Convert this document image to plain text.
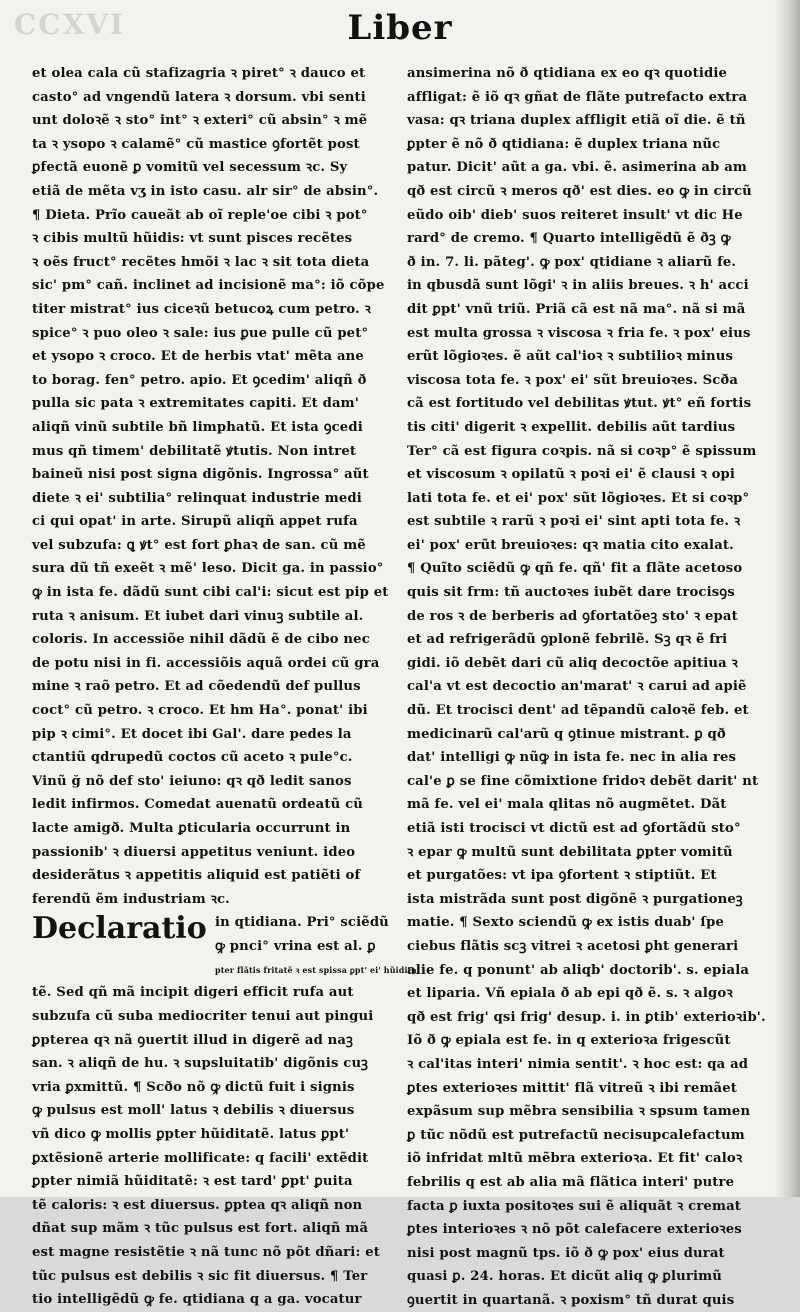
CCXVI	Liber
et olea cala cũ stafizagria ꝛ piret° ꝛ dauco et
casto° ad vngendũ latera ꝛ dorsum. vbi senti
unt doloꝛẽ ꝛ sto° int° ꝛ exteri° cũ absin° ꝛ mẽ
ta ꝛ ysopo ꝛ calamẽ° cũ mastice ꝯfortẽt post
ꝑfectã euonẽ ꝑ vomitũ vel secessum ꝛc. Sy
etiã de mẽta vʒ in isto casu. alr sir° de absin°.
¶ Dieta. Prĩo caueãt ab oĩ reple'oe cibi ꝛ pot°
ꝛ cibis multũ hũidis: vt sunt pisces recẽtes
ꝛ oẽs fruct° recẽtes hmõi ꝛ lac ꝛ sit tota dieta
sic' pm° cañ. inclinet ad incisionẽ ma°: iõ cõpe
titer mistrat° ius ciceꝛũ betucoꝝ cum petro. ꝛ
spice° ꝛ puo oleo ꝛ sale: ius ꝑue pulle cũ pet°
et ysopo ꝛ croco. Et de herbis vtat' mẽta ane
to borag. fen° petro. apio. Et ꝯcedim' aliqñ ð
pulla sic pata ꝛ extremitates capiti. Et dam'
aliqñ vinũ subtile bñ limphatũ. Et ista ꝯcedi
mus qñ timem' debilitatẽ ꝟtutis. Non intret
baineũ nisi post signa digõnis. Ingrossa° aũt
diete ꝛ ei' subtilia° relinquat industrie medi
ci qui opat' in arte. Sirupũ aliqñ appet rufa
vel subzufa: ꝗ ꝟt° est fort ꝑhaꝛ de san. cũ mẽ
sura dũ tñ exeẽt ꝛ mẽ' leso. Dicit ga. in passio°
ꝙ in ista fe. dãdũ sunt cibi cal'i: sicut est pip et
ruta ꝛ anisum. Et iubet dari vinuꝫ subtile al.
coloris. In accessiõe nihil dãdũ ẽ de cibo nec
de potu nisi in fi. accessiõis aquã ordei cũ gra
mine ꝛ raõ petro. Et ad cõedendũ def pullus
coct° cũ petro. ꝛ croco. Et hm Ha°. ponat' ibi
pip ꝛ cimi°. Et docet ibi Gal'. dare pedes la
ctantiũ qdrupedũ coctos cũ aceto ꝛ pule°c.
Vinũ ğ nõ def sto' ieiuno: qꝛ qð ledit sanos
ledit infirmos. Comedat auenatũ ordeatũ cũ
lacte amigð. Multa ꝑticularia occurrunt in
passionib' ꝛ diuersi appetitus veniunt. ideo
desiderãtus ꝛ appetitis aliquid est patiẽti of
ferendũ ẽm industriam ꝛc.
Declaratio in qtidiana. Pri° sciẽdũ
ꝙ pnci° vrina est al. ꝑ
pter flãtis fritatẽ ꝛ est spissa ꝑpt' ei' hũidita
tẽ. Sed qñ mã incipit digeri efficit rufa aut
subzufa cũ suba mediocriter tenui aut pingui
ꝑpterea qꝛ nã ꝯuertit illud in digerẽ ad naꝫ
san. ꝛ aliqñ de hu. ꝛ supsluitatib' digõnis cuꝫ
vria ꝑxmittũ. ¶ Scðo nõ ꝙ dictũ fuit i signis
ꝙ pulsus est moll' latus ꝛ debilis ꝛ diuersus
vñ dico ꝙ mollis ꝑpter hũiditatẽ. latus ꝑpt'
ꝑxtẽsionẽ arterie mollificate: q facili' extẽdit
ꝑpter nimiã hũiditatẽ: ꝛ est tard' ꝑpt' ꝑuita
tẽ caloris: ꝛ est diuersus. ꝑptea qꝛ aliqñ non
dñat sup mãm ꝛ tũc pulsus est fort. aliqñ mã
est magne resistẽtie ꝛ nã tunc nõ põt dñari: et
tũc pulsus est debilis ꝛ sic fit diuersus. ¶ Ter
tio intelligẽdũ ꝙ fe. qtidiana q a ga. vocatur
ansimerina nõ ð qtidiana ex eo qꝛ quotidie
affligat: ẽ iõ qꝛ gñat de flãte putrefacto extra
vasa: qꝛ triana duplex affligit etiã oĩ die. ẽ tñ
ꝑpter ẽ nõ ð qtidiana: ẽ duplex triana nũc
patur. Dicit' aũt a ga. vbi. ẽ. asimerina ab am
qð est circũ ꝛ meros qð' est dies. eo ꝙ in circũ
eũdo oib' dieb' suos reiteret insult' vt dic He
rard° de cremo. ¶ Quarto intelligẽdũ ẽ ðꝫ ꝙ
ð in. 7. li. pãteg'. ꝙ pox' qtidiane ꝛ aliarũ fe.
in qbusdã sunt lõgi' ꝛ in aliis breues. ꝛ h' acci
dit ꝑpt' vnũ triũ. Priã cã est nã ma°. nã si mã
est multa grossa ꝛ viscosa ꝛ fria fe. ꝛ pox' eius
erũt lõgioꝛes. ẽ aũt cal'ioꝛ ꝛ subtilioꝛ minus
viscosa tota fe. ꝛ pox' ei' sũt breuioꝛes. Scða
cã est fortitudo vel debilitas ꝟtut. ꝟt° eñ fortis
tis citi' digerit ꝛ expellit. debilis aũt tardius
Ter° cã est figura coꝛpis. nã si coꝛp° ẽ spissum
et viscosum ꝛ opilatũ ꝛ poꝛi ei' ẽ clausi ꝛ opi
lati tota fe. et ei' pox' sũt lõgioꝛes. Et si coꝛp°
est subtile ꝛ rarũ ꝛ poꝛi ei' sint apti tota fe. ꝛ
ei' pox' erũt breuioꝛes: qꝛ matia cito exalat.
¶ Quĩto sciẽdũ ꝙ qñ fe. qñ' fit a flãte acetoso
quis sit frm: tñ auctoꝛes iubẽt dare trocisꝯs
de ros ꝛ de berberis ad ꝯfortatõeꝫ sto' ꝛ epat
et ad refrigerãdũ ꝯplonẽ febrilẽ. Sꝫ qꝛ ẽ fri
gidi. iõ debẽt dari cũ aliq decoctõe apitiua ꝛ
cal'a vt est decoctio an'marat' ꝛ carui ad apiẽ
dũ. Et trocisci dent' ad tẽpandũ caloꝛẽ feb. et
medicinarũ cal'arũ q ꝯtinue mistrant. ꝑ qð
dat' intelligi ꝙ nũꝙ in ista fe. nec in alia res
cal'e ꝑ se fine cõmixtione fridoꝛ debẽt darit' nt
mã fe. vel ei' mala qlitas nõ augmẽtet. Dãt
etiã isti trocisci vt dictũ est ad ꝯfortãdũ sto°
ꝛ epar ꝙ multũ sunt debilitata ꝑpter vomitũ
et purgatões: vt ipa ꝯfortent ꝛ stiptiũt. Et
ista mistrãda sunt post digõnẽ ꝛ purgationeꝫ
matie. ¶ Sexto sciendũ ꝙ ex istis duab' ſpe
ciebus flãtis scꝫ vitrei ꝛ acetosi ꝑht generari
alie fe. q ponunt' ab aliqb' doctorib'. s. epiala
et liparia. Vñ epiala ð ab epi qð ẽ. s. ꝛ algoꝛ
qð est frig' qsi frig' desup. i. in ꝑtib' exterioꝛib'.
Iõ ð ꝙ epiala est fe. in q exterioꝛa frigescũt
ꝛ cal'itas interi' nimia sentit'. ꝛ hoc est: qa ad
ꝑtes exterioꝛes mittit' flã vitreũ ꝛ ibi remãet
expãsum sup mẽbra sensibilia ꝛ spsum tamen
ꝑ tũc nõdũ est putrefactũ necisupcalefactum
iõ infridat mltũ mẽbra exterioꝛa. Et fit' caloꝛ
febrilis q est ab alia mã flãtica interi' putre
facta ꝑ iuxta positoꝛes sui ẽ aliquãt ꝛ cremat
ꝑtes interioꝛes ꝛ nõ põt calefacere exterioꝛes
nisi post magnũ tps. iõ ð ꝙ pox' eius durat
quasi ꝑ. 24. horas. Et dicũt aliq ꝙ ꝑlurimũ
ꝯuertit in quartanã. ꝛ poxism° tñ durat quis
